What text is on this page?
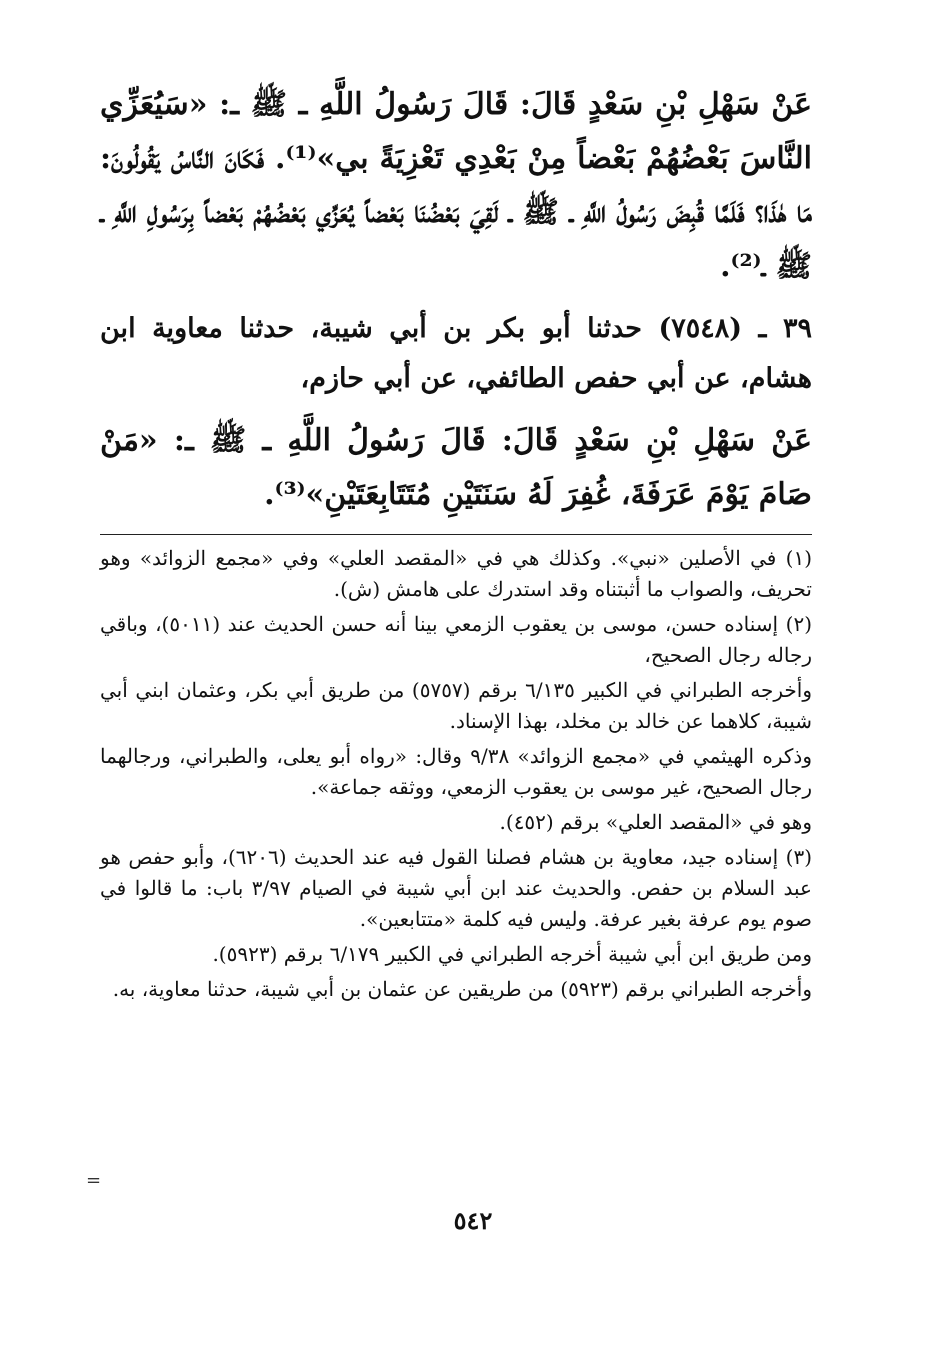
عَنْ سَهْلِ بْنِ سَعْدٍ قَالَ: قَالَ رَسُولُ اللَّهِ ـ ﷺ ـ: «سَيُعَزِّي النَّاسَ بَعْضُهُمْ بَعْضاً مِنْ بَعْدِي تَعْزِيَةً بي»⁽¹⁾. فَكَانَ النَّاسُ يَقُولُونَ: مَا هٰذَا؟ فَلَمَّا قُبِضَ رَسُولُ اللَّهِ ـ ﷺ ـ لَقِيَ بَعْضُنَا بَعْضاً يُعَزِّي بَعْضُهُمْ بَعْضاً بِرَسُولِ اللَّهِ ـ ﷺ ـ⁽²⁾.

٣٩ ـ (٧٥٤٨) حدثنا أبو بكر بن أبي شيبة، حدثنا معاوية ابن هشام، عن أبي حفص الطائفي، عن أبي حازم،

عَنْ سَهْلِ بْنِ سَعْدٍ قَالَ: قَالَ رَسُولُ اللَّهِ ـ ﷺ ـ: «مَنْ صَامَ يَوْمَ عَرَفَةَ، غُفِرَ لَهُ سَنَتَيْنِ مُتَتَابِعَتَيْنِ»⁽³⁾.

(١) في الأصلين «نبي». وكذلك هي في «المقصد العلي» وفي «مجمع الزوائد» وهو تحريف، والصواب ما أثبتناه وقد استدرك على هامش (ش).

(٢) إسناده حسن، موسى بن يعقوب الزمعي بينا أنه حسن الحديث عند (٥٠١١)، وباقي رجاله رجال الصحيح،

وأخرجه الطبراني في الكبير ٦/١٣٥ برقم (٥٧٥٧) من طريق أبي بكر، وعثمان ابني أبي شيبة، كلاهما عن خالد بن مخلد، بهذا الإسناد.

وذكره الهيثمي في «مجمع الزوائد» ٩/٣٨ وقال: «رواه أبو يعلى، والطبراني، ورجالهما رجال الصحيح، غير موسى بن يعقوب الزمعي، ووثقه جماعة».

وهو في «المقصد العلي» برقم (٤٥٢).

(٣) إسناده جيد، معاوية بن هشام فصلنا القول فيه عند الحديث (٦٢٠٦)، وأبو حفص هو عبد السلام بن حفص. والحديث عند ابن أبي شيبة في الصيام ٣/٩٧ باب: ما قالوا في صوم يوم عرفة بغير عرفة. وليس فيه كلمة «متتابعين».

ومن طريق ابن أبي شيبة أخرجه الطبراني في الكبير ٦/١٧٩ برقم (٥٩٢٣).

وأخرجه الطبراني برقم (٥٩٢٣) من طريقين عن عثمان بن أبي شيبة، حدثنا معاوية، به.

=
٥٤٢
